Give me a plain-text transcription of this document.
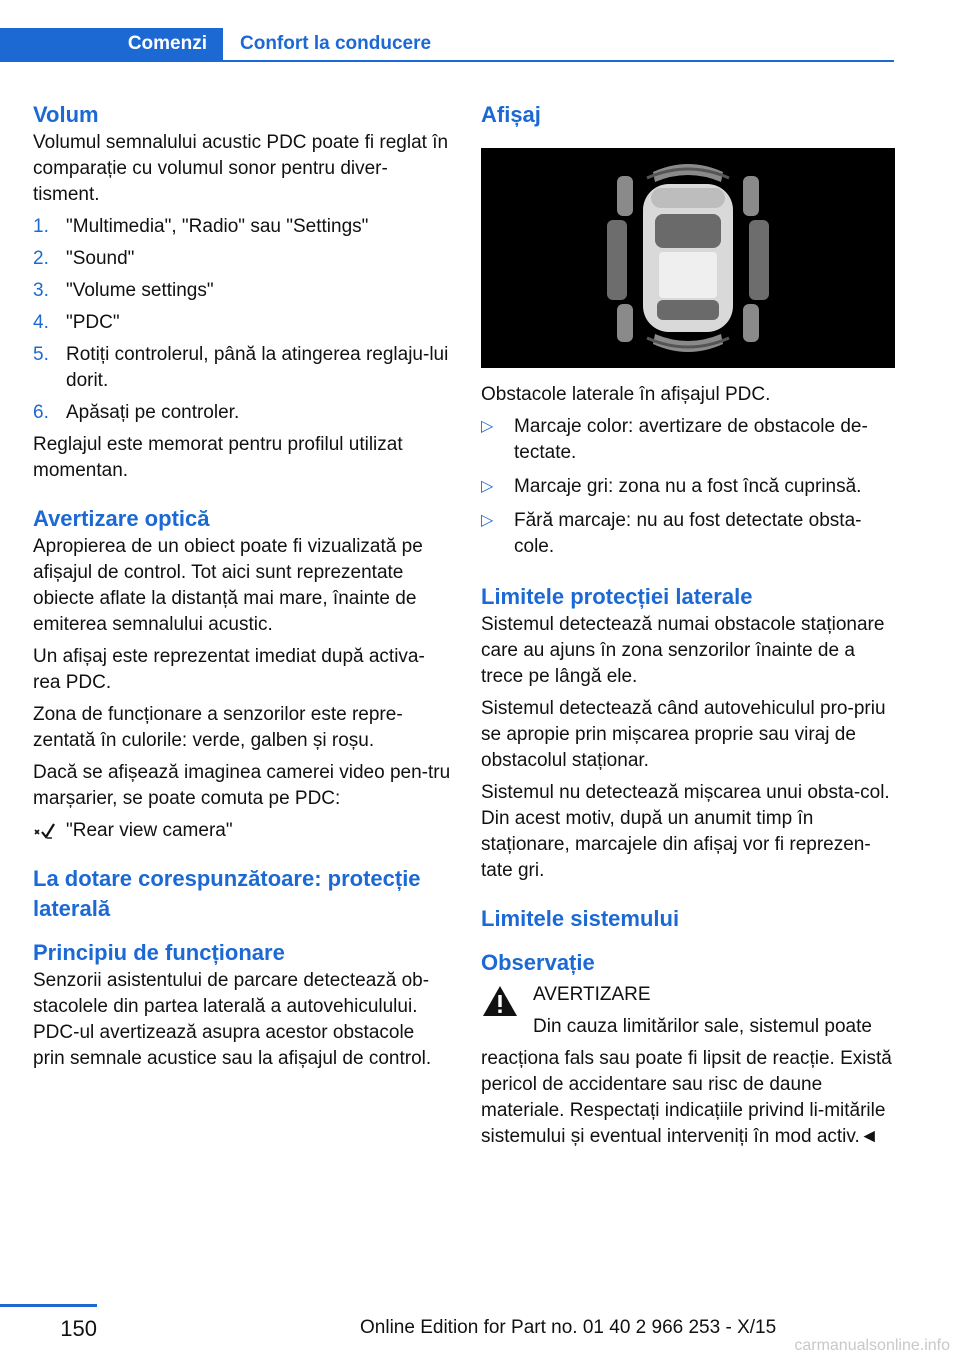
Comenzi	Confort la conducere
Volum

Volumul semnalului acustic PDC poate fi reglat în comparație cu volumul sonor pentru diver-tisment.

1. "Multimedia", "Radio" sau "Settings"
2. "Sound"
3. "Volume settings"
4. "PDC"
5. Rotiți controlerul, până la atingerea reglaju-lui dorit.
6. Apăsați pe controler.

Reglajul este memorat pentru profilul utilizat momentan.

Avertizare optică

Apropierea de un obiect poate fi vizualizată pe afișajul de control. Tot aici sunt reprezentate obiecte aflate la distanță mai mare, înainte de emiterea semnalului acustic.

Un afișaj este reprezentat imediat după activa-rea PDC.

Zona de funcționare a senzorilor este repre-zentată în culorile: verde, galben și roșu.

Dacă se afișează imaginea camerei video pen-tru marșarier, se poate comuta pe PDC:

"Rear view camera"
La dotare corespunzătoare: protecție laterală
Principiu de funcționare

Senzorii asistentului de parcare detectează ob-stacolele din partea laterală a autovehiculului. PDC-ul avertizează asupra acestor obstacole prin semnale acustice sau la afișajul de control.

Afișaj

Obstacole laterale în afișajul PDC.

▷ Marcaje color: avertizare de obstacole de-tectate.
▷ Marcaje gri: zona nu a fost încă cuprinsă.
▷ Fără marcaje: nu au fost detectate obsta-cole.
Limitele protecției laterale

Sistemul detectează numai obstacole staționare care au ajuns în zona senzorilor înainte de a trece pe lângă ele.

Sistemul detectează când autovehiculul pro-priu se apropie prin mișcarea proprie sau viraj de obstacolul staționar.

Sistemul nu detectează mișcarea unui obsta-col. Din acest motiv, după un anumit timp în staționare, marcajele din afișaj vor fi reprezen-tate gri.

Limitele sistemului
Observație

AVERTIZARE

Din cauza limitărilor sale, sistemul poate

reacționa fals sau poate fi lipsit de reacție. Există pericol de accidentare sau risc de daune materiale. Respectați indicațiile privind li-mitările sistemului și eventual interveniți în mod activ.◄

150	Online Edition for Part no. 01 40 2 966 253 - X/15
carmanualsonline.info
